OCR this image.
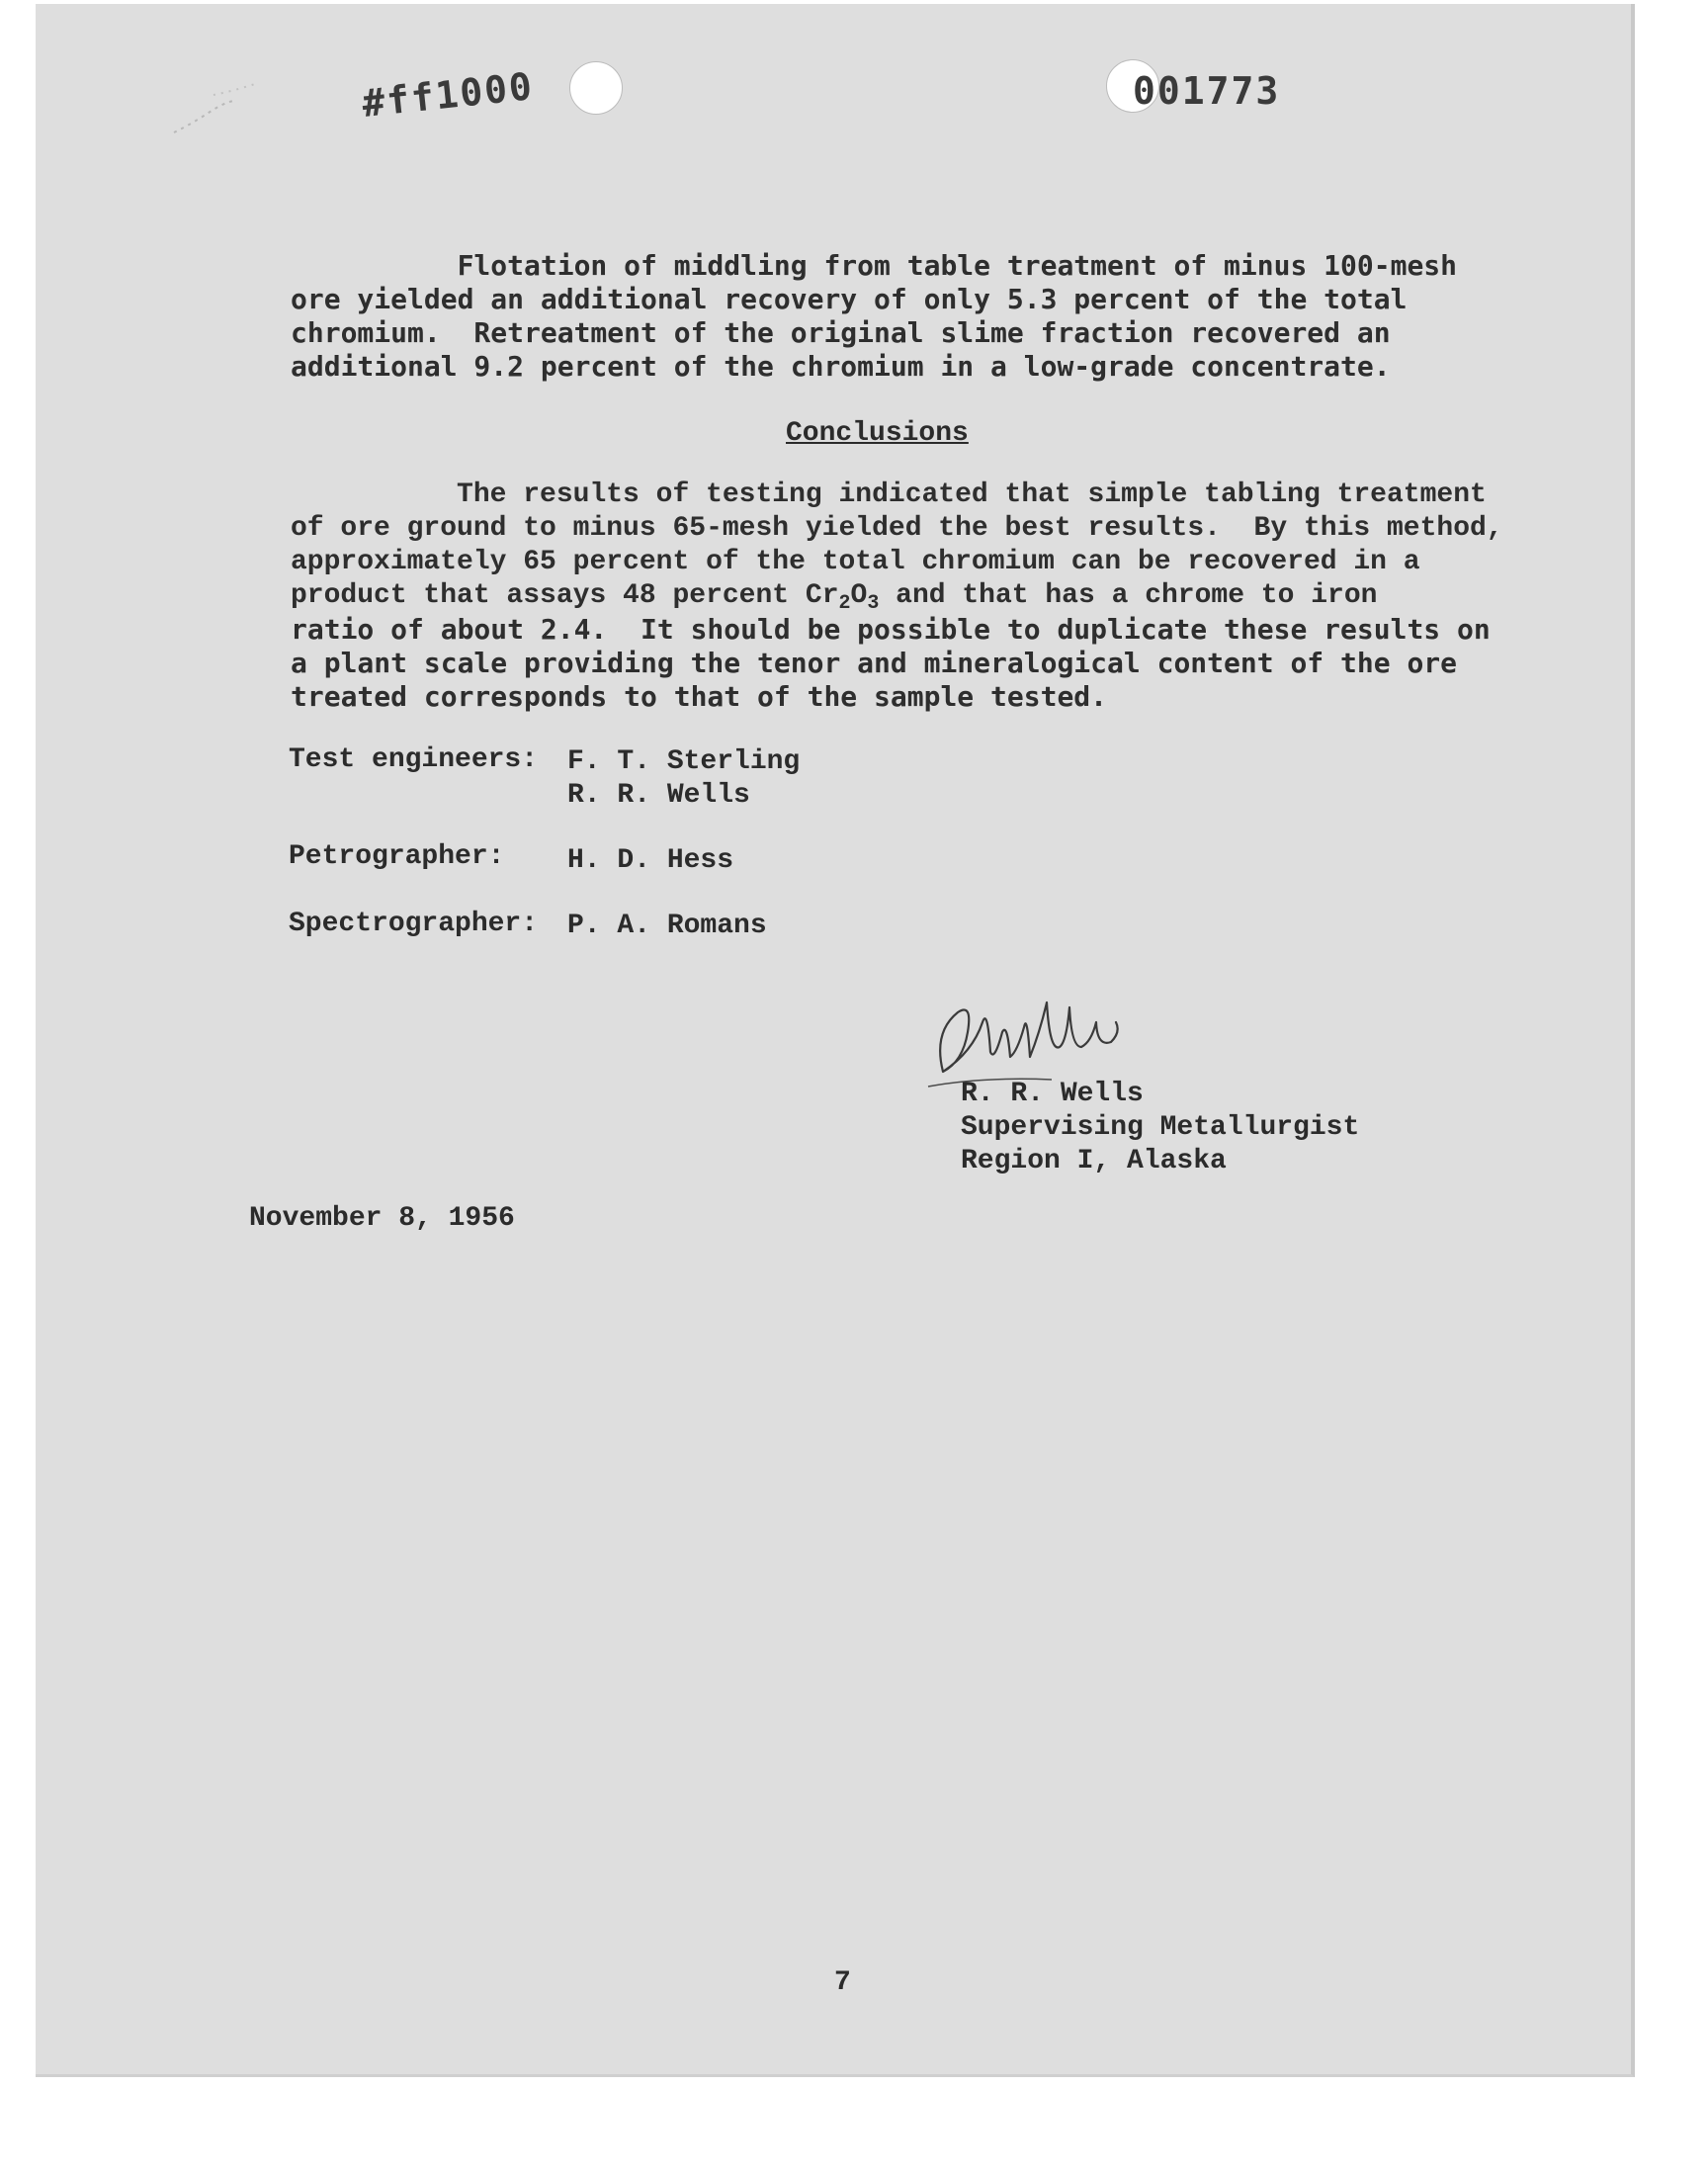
#ff1000	001773
Flotation of middling from table treatment of minus 100-mesh
ore yielded an additional recovery of only 5.3 percent of the total
chromium.  Retreatment of the original slime fraction recovered an
additional 9.2 percent of the chromium in a low-grade concentrate.
Conclusions
The results of testing indicated that simple tabling treatment
of ore ground to minus 65-mesh yielded the best results.  By this method,
approximately 65 percent of the total chromium can be recovered in a
product that assays 48 percent $Cr_2O_3$ and that has a chrome to iron
ratio of about 2.4.  It should be possible to duplicate these results on
a plant scale providing the tenor and mineralogical content of the ore
treated corresponds to that of the sample tested.
Test engineers: F. T. Sterling
R. R. Wells
Petrographer: H. D. Hess
Spectrographer: P. A. Romans
R. R. Wells
Supervising Metallurgist
Region I, Alaska
November 8, 1956
7
